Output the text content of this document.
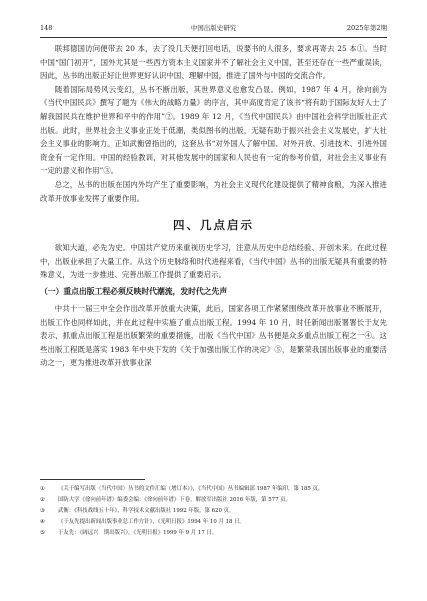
148	中国出版史研究	2025年第2期

联邦德国访问便带去 20 本，去了没几天便打回电话，说要书的人很多，要求再寄去 25 本①。当时中国“国门初开”，国外尤其是一些西方资本主义国家并不了解社会主义中国，甚至还存在一些严重误读，因此，丛书的出版正好让世界更好认识中国、理解中国，推进了国外与中国的交流合作。

随着国际局势风云变幻，丛书不断出版，其世界意义也愈发凸显。例如，1987 年 4 月，徐向前为《当代中国民兵》撰写了题为《伟大的战略力量》的序言，其中高度肯定了该书“将有助于国际友好人士了解我国民兵在维护世界和平中的作用”②。1989 年 12 月，《当代中国民兵》由中国社会科学出版社正式出版。此时，世界社会主义事业正处于低潮，类似图书的出版，无疑有助于振兴社会主义发展史，扩大社会主义事业的影响力。正如武衡曾指出的，这套丛书“对外国人了解中国、对外开放、引进技术、引进外国资金有一定作用。中国的经验教训，对其他发展中的国家和人民也有一定的参考价值，对社会主义事业有一定的意义和作用”③。

总之，丛书的出版在国内外均产生了重要影响，为社会主义现代化建设提供了精神食粮，为深入推进改革开放事业发挥了重要作用。

四、几点启示

欲知大道，必先为史。中国共产党历来重视历史学习，注意从历史中总结经验、开创未来。在此过程中，出版业承担了大量工作。从这个历史脉络和时代进程来看，《当代中国》丛书的出版无疑具有重要的特殊意义，为进一步推进、完善出版工作提供了重要启示。

（一）重点出版工程必须反映时代潮流，发时代之先声

中共十一届三中全会作出改革开放重大决策，此后，国家各项工作紧紧围绕改革开放事业不断展开，出版工作也同样如此，并在此过程中实施了重点出版工程。1994 年 10 月，时任新闻出版署署长于友先表示，抓重点出版工程是出版繁荣的重要措施，出版《当代中国》丛书便是众多重点出版工程之一④。这些出版工程既是落实 1983 年中央下发的《关于加强出版工作的决定》⑤，是繁荣我国出版事业的重要活动之一，更为推进改革开放事业深

① 《关于编写出版〈当代中国〉丛书的文件汇编（增订本）》，《当代中国》丛书编辑部 1987 年编印，第 185 页。
② 国防大学《徐向前年谱》编委会编：《徐向前年谱》下卷，解放军出版社 2016 年版，第 577 页。
③ 武衡：《科技战线五十年》，科学技术文献出版社 1992 年版，第 620 页。
④ 《于友先提出新闻出版事业总工作方针》，《光明日报》1994 年 10 月 18 日。
⑤ 于友先：《阔远兴　期出版兴》，《光明日报》1999 年 9 月 17 日。
